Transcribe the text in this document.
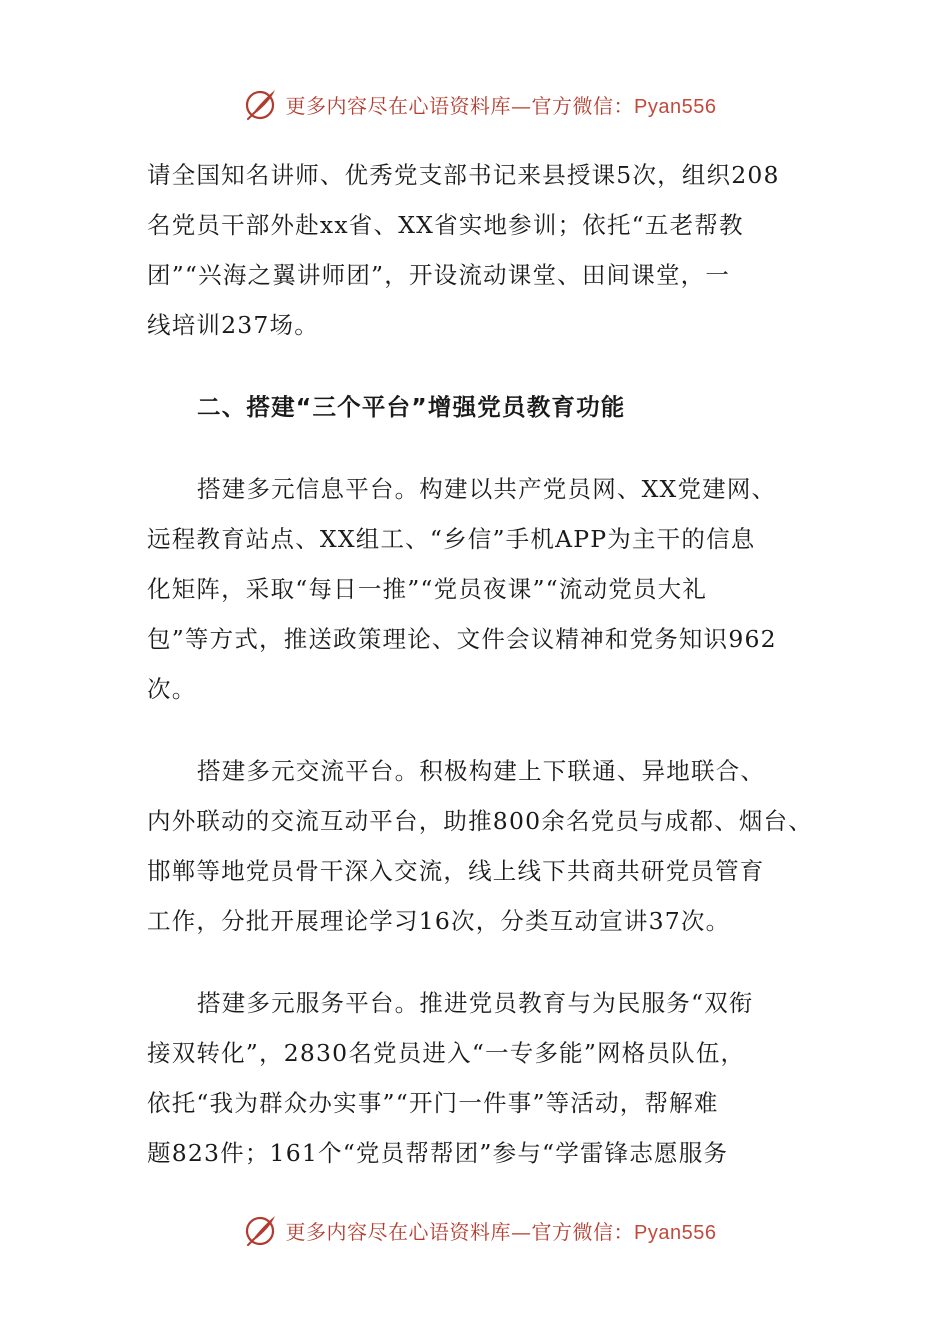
更多内容尽在心语资料库—官方微信：Pyan556
请全国知名讲师、优秀党支部书记来县授课5次，组织208
名党员干部外赴xx省、XX省实地参训；依托“五老帮教
团”“兴海之翼讲师团”，开设流动课堂、田间课堂，一
线培训237场。
二、搭建“三个平台”增强党员教育功能
搭建多元信息平台。构建以共产党员网、XX党建网、
远程教育站点、XX组工、“乡信”手机APP为主干的信息
化矩阵，采取“每日一推”“党员夜课”“流动党员大礼
包”等方式，推送政策理论、文件会议精神和党务知识962
次。
搭建多元交流平台。积极构建上下联通、异地联合、
内外联动的交流互动平台，助推800余名党员与成都、烟台、
邯郸等地党员骨干深入交流，线上线下共商共研党员管育
工作，分批开展理论学习16次，分类互动宣讲37次。
搭建多元服务平台。推进党员教育与为民服务“双衔
接双转化”，2830名党员进入“一专多能”网格员队伍，
依托“我为群众办实事”“开门一件事”等活动，帮解难
题823件；161个“党员帮帮团”参与“学雷锋志愿服务
更多内容尽在心语资料库—官方微信：Pyan556
